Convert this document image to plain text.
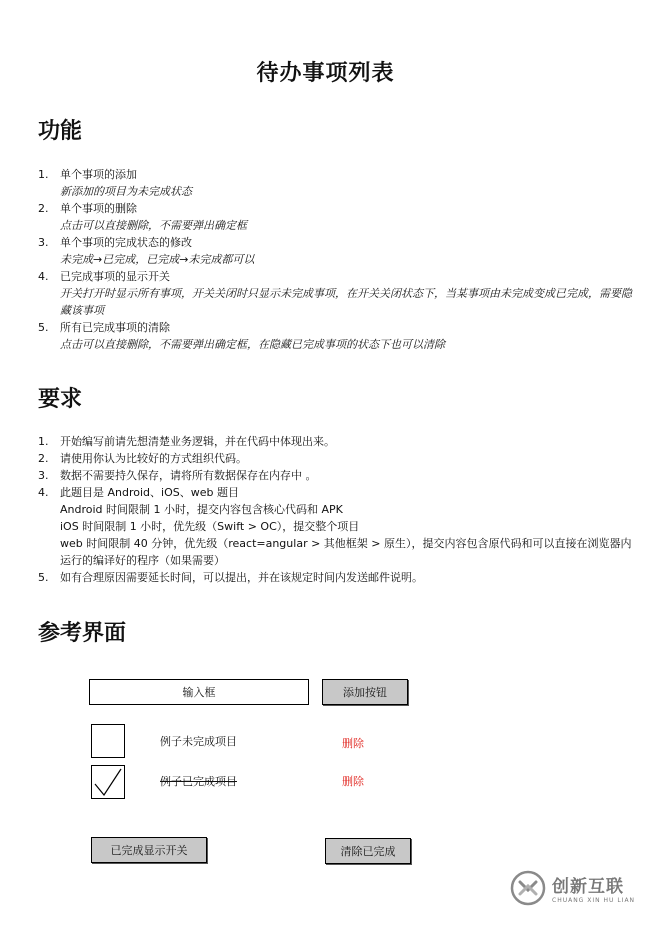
待办事项列表
功能
1. 单个事项的添加
新添加的项目为未完成状态
2. 单个事项的删除
点击可以直接删除，不需要弹出确定框
3. 单个事项的完成状态的修改
未完成→已完成，已完成→未完成都可以
4. 已完成事项的显示开关
开关打开时显示所有事项，开关关闭时只显示未完成事项，在开关关闭状态下，当某事项由未完成变成已完成，需要隐藏该事项
5. 所有已完成事项的清除
点击可以直接删除，不需要弹出确定框，在隐藏已完成事项的状态下也可以清除
要求
1. 开始编写前请先想清楚业务逻辑，并在代码中体现出来。
2. 请使用你认为比较好的方式组织代码。
3. 数据不需要持久保存，请将所有数据保存在内存中 。
4. 此题目是 Android、iOS、web 题目
Android 时间限制 1 小时，提交内容包含核心代码和 APK
iOS 时间限制 1 小时，优先级（Swift > OC），提交整个项目
web 时间限制 40 分钟，优先级（react=angular > 其他框架 > 原生），提交内容包含原代码和可以直接在浏览器内运行的编译好的程序（如果需要）
5. 如有合理原因需要延长时间，可以提出，并在该规定时间内发送邮件说明。
参考界面
输入框	添加按钮
例子未完成项目	删除
例子已完成项目	删除
已完成显示开关	清除已完成
创新互联
CHUANG XIN HU LIAN
